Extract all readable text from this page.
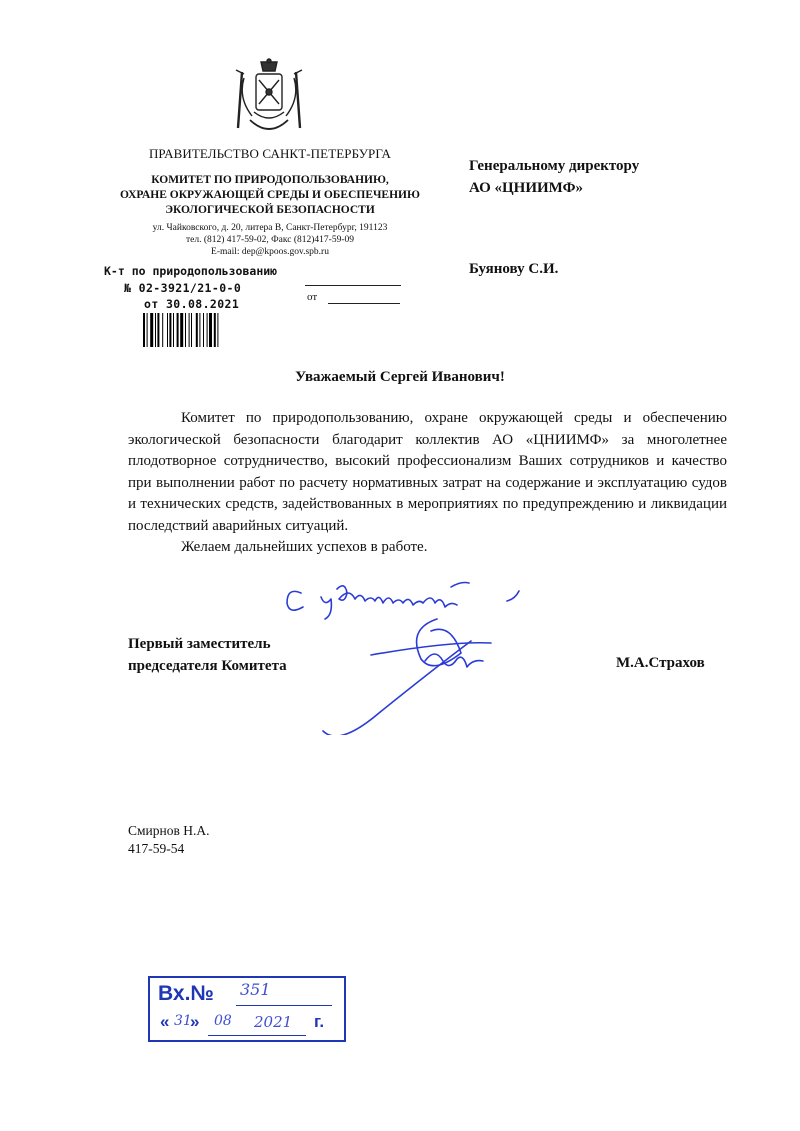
ПРАВИТЕЛЬСТВО САНКТ-ПЕТЕРБУРГА
КОМИТЕТ ПО ПРИРОДОПОЛЬЗОВАНИЮ,
ОХРАНЕ ОКРУЖАЮЩЕЙ СРЕДЫ И ОБЕСПЕЧЕНИЮ
ЭКОЛОГИЧЕСКОЙ БЕЗОПАСНОСТИ
ул. Чайковского, д. 20, литера В, Санкт-Петербург, 191123
тел. (812) 417-59-02, Факс (812)417-59-09
E-mail: dep@kpoos.gov.spb.ru
К-т по природопользованию
№ 02-3921/21-0-0
от 30.08.2021	от
Генеральному директору
АО «ЦНИИМФ»
Буянову С.И.
Уважаемый Сергей Иванович!

Комитет по природопользованию, охране окружающей среды и обеспечению экологической безопасности благодарит коллектив АО «ЦНИИМФ» за многолетнее плодотворное сотрудничество, высокий профессионализм Ваших сотрудников и качество при выполнении работ по расчету нормативных затрат на содержание и эксплуатацию судов и технических средств, задействованных в мероприятиях по предупреждению и ликвидации последствий аварийных ситуаций.

Желаем дальнейших успехов в работе.

Первый заместитель
председателя Комитета	М.А.Страхов
Смирнов Н.А.
417-59-54
Вх.№ 351
« 31
» 08 2021 г.
